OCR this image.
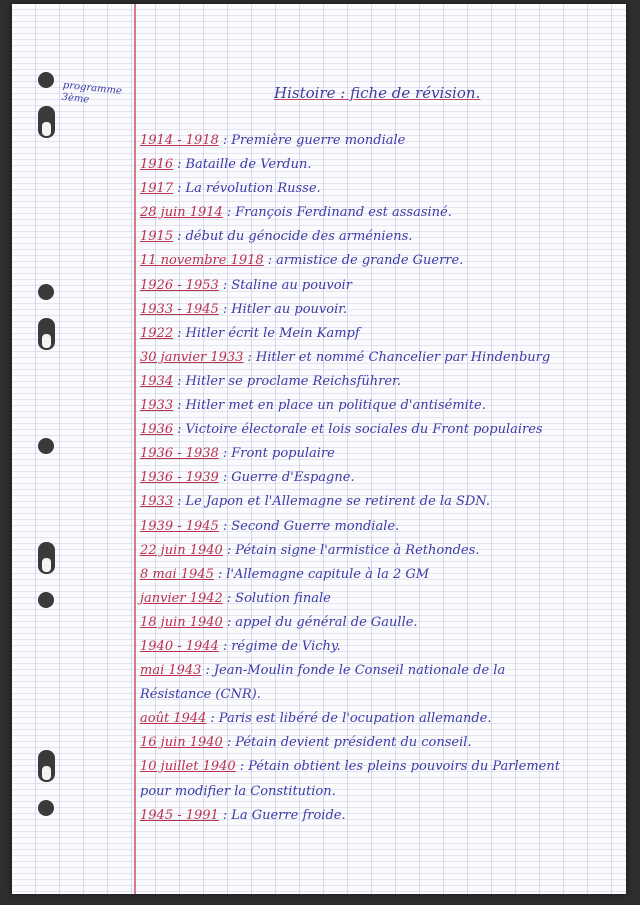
programme 3ème	Histoire : fiche de révision.
1914 - 1918 : Première guerre mondiale
1916 : Bataille de Verdun.
1917 : La révolution Russe.
28 juin 1914 : François Ferdinand est assasiné.
1915 : début du génocide des arméniens.
11 novembre 1918 : armistice de grande Guerre.
1926 - 1953 : Staline au pouvoir
1933 - 1945 : Hitler au pouvoir.
1922 : Hitler écrit le Mein Kampf
30 janvier 1933 : Hitler et nommé Chancelier par Hindenburg
1934 : Hitler se proclame Reichsführer.
1933 : Hitler met en place un politique d'antisémite.
1936 : Victoire électorale et lois sociales du Front populaires
1936 - 1938 : Front populaire
1936 - 1939 : Guerre d'Espagne.
1933 : Le Japon et l'Allemagne se retirent de la SDN.
1939 - 1945 : Second Guerre mondiale.
22 juin 1940 : Pétain signe l'armistice à Rethondes.
8 mai 1945 : l'Allemagne capitule à la 2 GM
janvier 1942 : Solution finale
18 juin 1940 : appel du général de Gaulle.
1940 - 1944 : régime de Vichy.
mai 1943 : Jean-Moulin fonde le Conseil nationale de la
Résistance (CNR).
août 1944 : Paris est libéré de l'ocupation allemande.
16 juin 1940 : Pétain devient président du conseil.
10 juillet 1940 : Pétain obtient les pleins pouvoirs du Parlement
pour modifier la Constitution.
1945 - 1991 : La Guerre froide.
